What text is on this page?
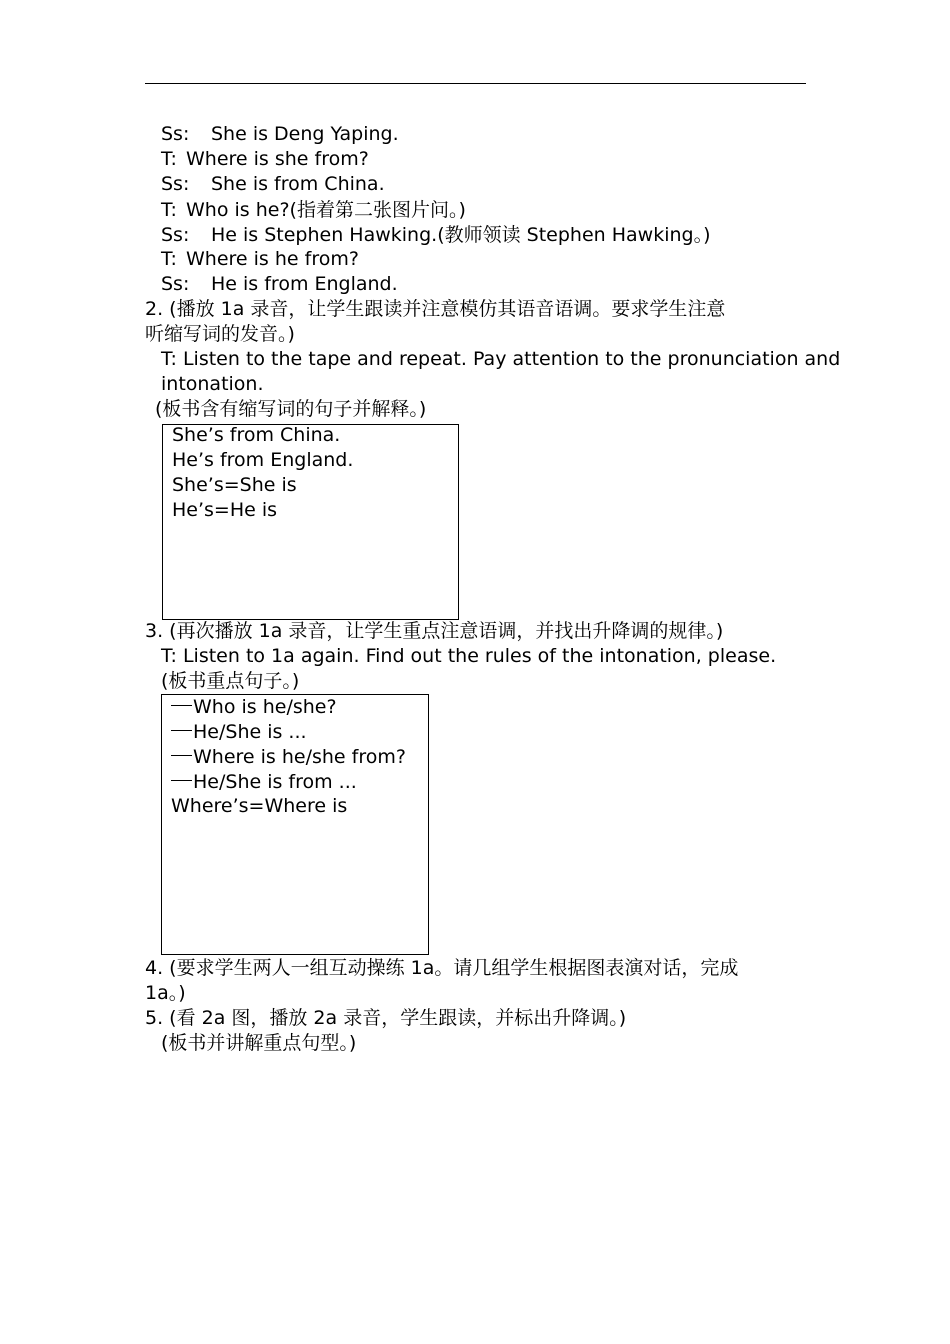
Ss: She is Deng Yaping.
T: Where is she from?
Ss: She is from China.
T: Who is he?(指着第二张图片问。)
Ss: He is Stephen Hawking.(教师领读 Stephen Hawking。)
T: Where is he from?
Ss: He is from England.
2. (播放 1a 录音，让学生跟读并注意模仿其语音语调。要求学生注意
听缩写词的发音。)
T: Listen to the tape and repeat. Pay attention to the pronunciation and
intonation.
(板书含有缩写词的句子并解释。)
She’s from China.
He’s from England.
She’s=She is
He’s=He is
3. (再次播放 1a 录音，让学生重点注意语调，并找出升降调的规律。)
T: Listen to 1a again. Find out the rules of the intonation, please.
(板书重点句子。)
Who is he/she?
He/She is ...
Where is he/she from?
He/She is from ...
Where’s=Where is
4. (要求学生两人一组互动操练 1a。请几组学生根据图表演对话，完成
1a。)
5. (看 2a 图，播放 2a 录音，学生跟读，并标出升降调。)
(板书并讲解重点句型。)
